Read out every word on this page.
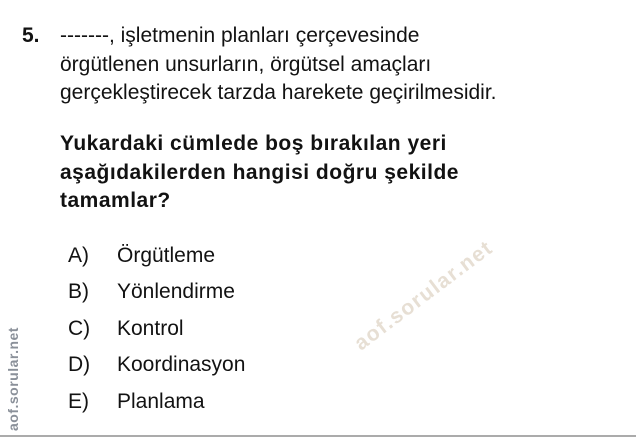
5. -------, işletmenin planları çerçevesinde
örgütlenen unsurların, örgütsel amaçları
gerçekleştirecek tarzda harekete geçirilmesidir.
Yukardaki cümlede boş bırakılan yeri
aşağıdakilerden hangisi doğru şekilde
tamamlar?
A) Örgütleme
B) Yönlendirme
C) Kontrol
D) Koordinasyon
E) Planlama
aof.sorular.net
aof.sorular.net
